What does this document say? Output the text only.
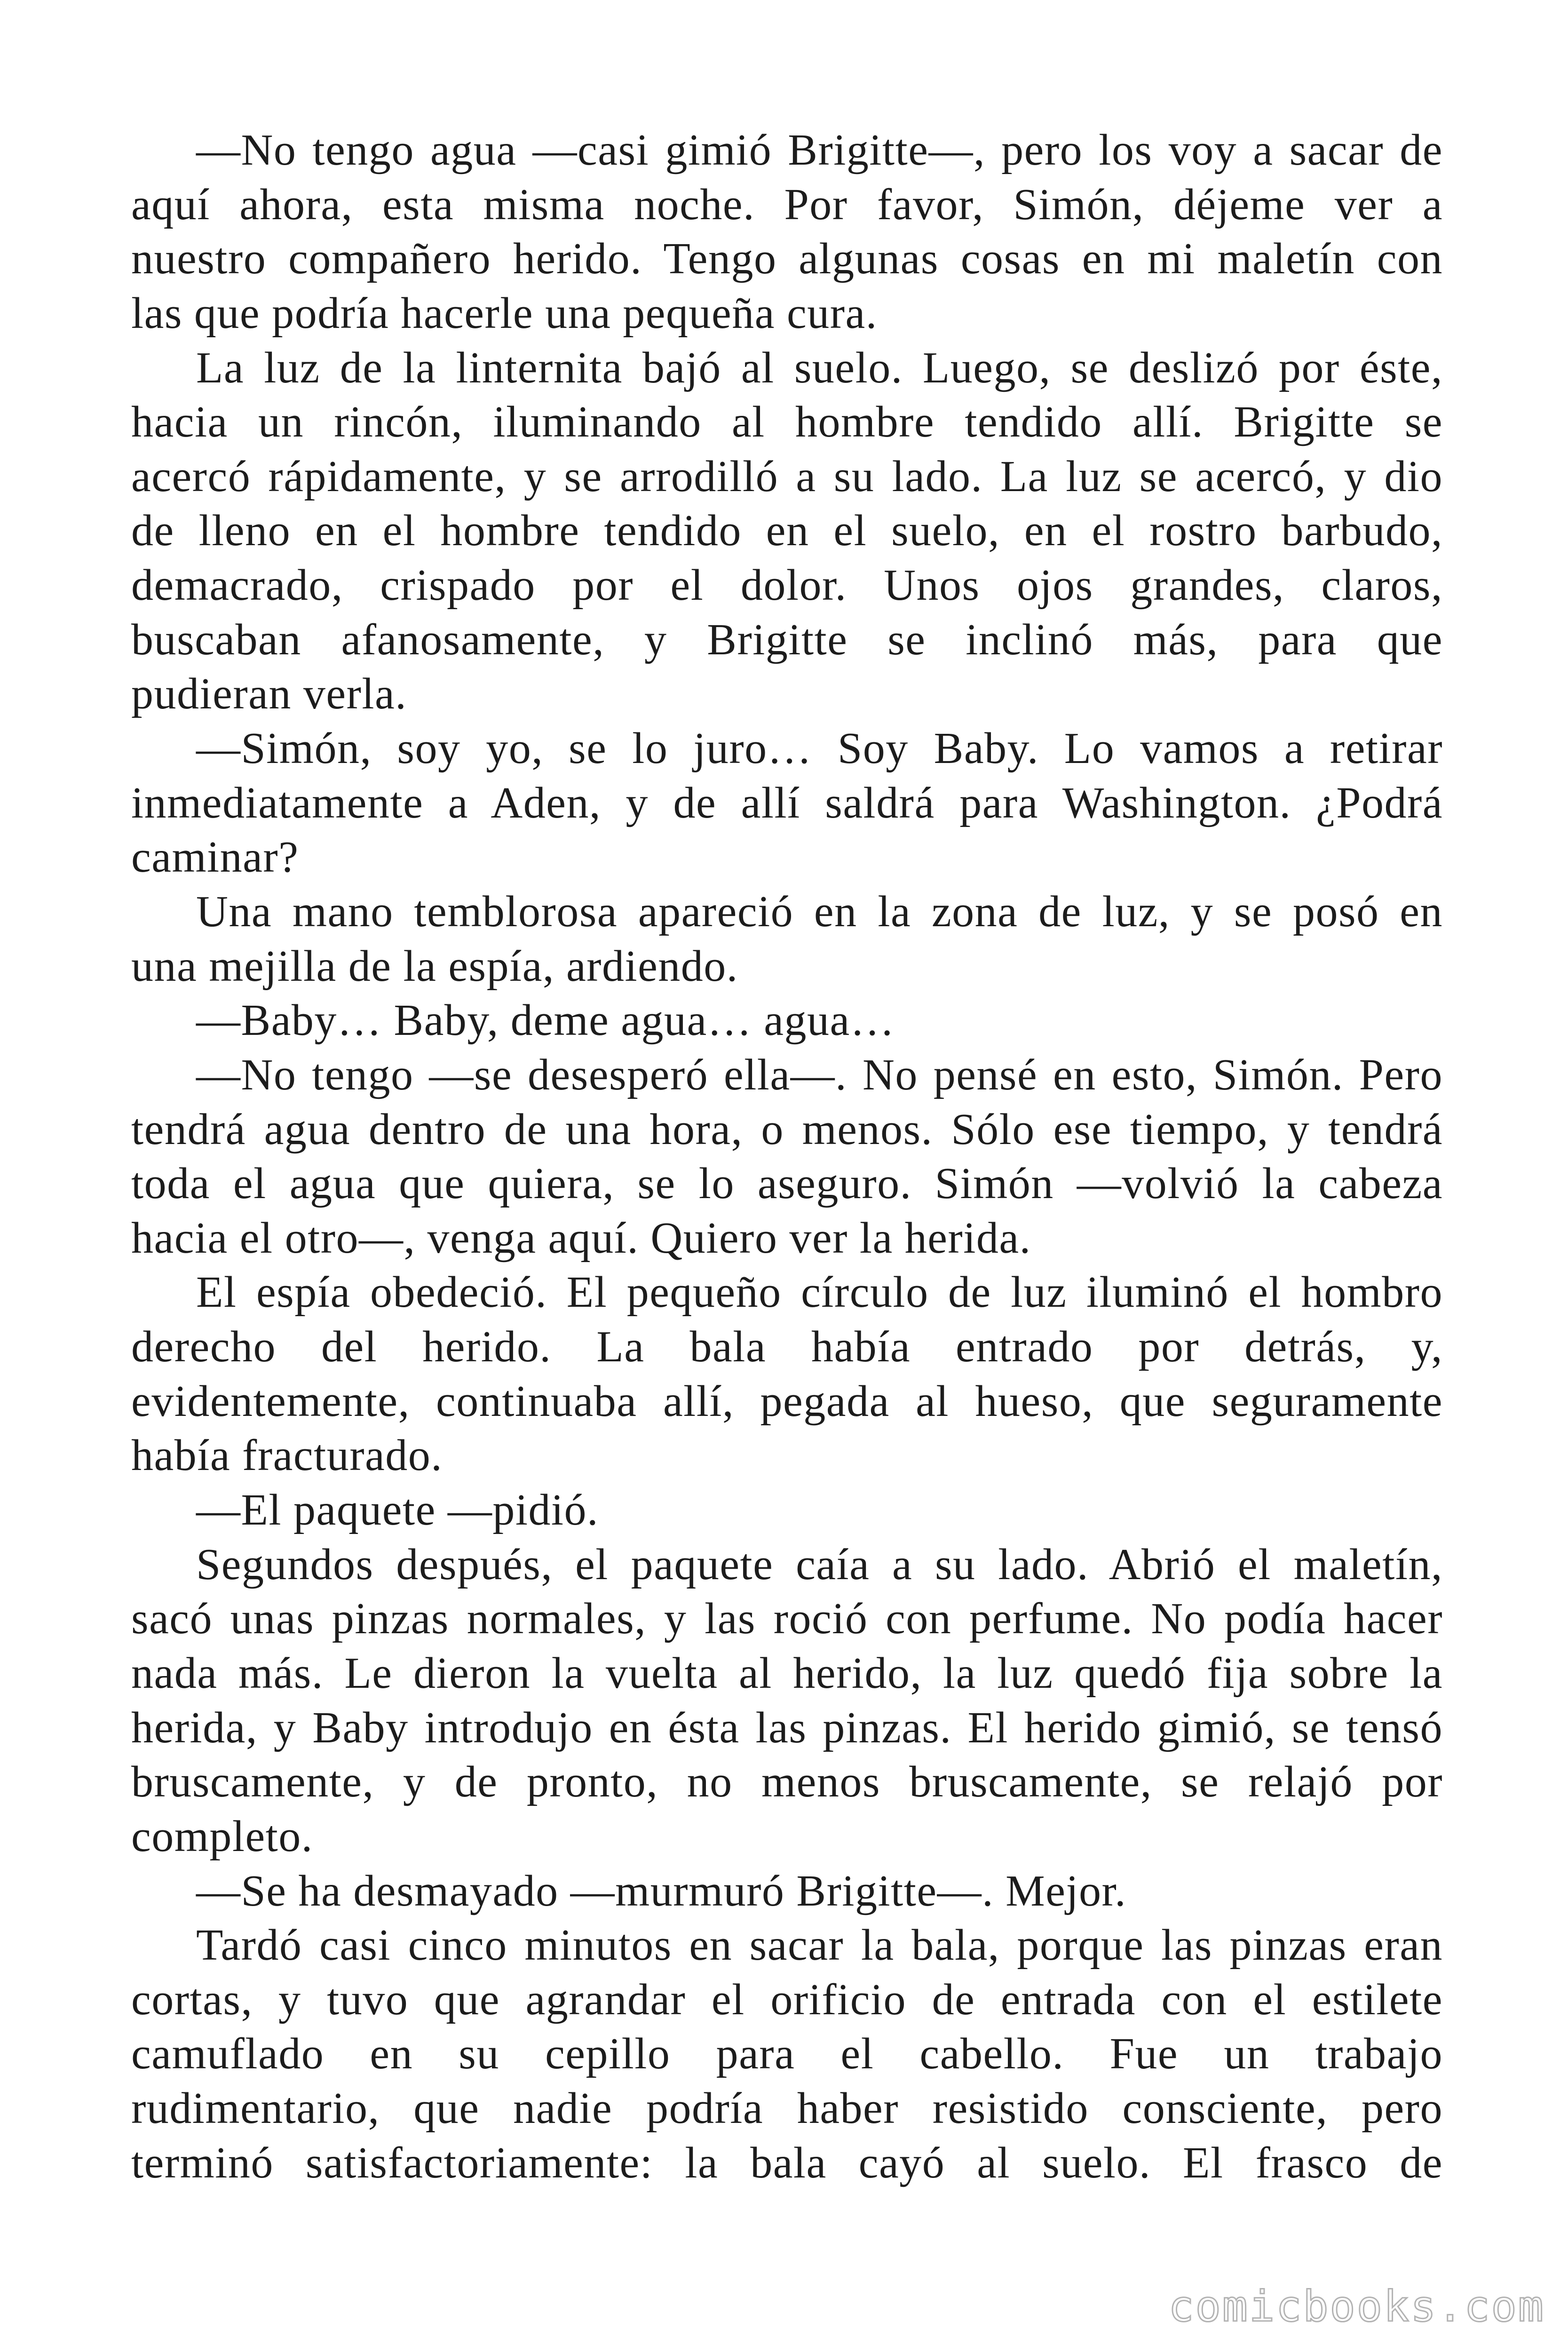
—No tengo agua —casi gimió Brigitte—, pero los voy a sacar de
aquí ahora, esta misma noche. Por favor, Simón, déjeme ver a
nuestro compañero herido. Tengo algunas cosas en mi maletín con
las que podría hacerle una pequeña cura.
La luz de la linternita bajó al suelo. Luego, se deslizó por éste,
hacia un rincón, iluminando al hombre tendido allí. Brigitte se
acercó rápidamente, y se arrodilló a su lado. La luz se acercó, y dio
de lleno en el hombre tendido en el suelo, en el rostro barbudo,
demacrado, crispado por el dolor. Unos ojos grandes, claros,
buscaban afanosamente, y Brigitte se inclinó más, para que
pudieran verla.
—Simón, soy yo, se lo juro… Soy Baby. Lo vamos a retirar
inmediatamente a Aden, y de allí saldrá para Washington. ¿Podrá
caminar?
Una mano temblorosa apareció en la zona de luz, y se posó en
una mejilla de la espía, ardiendo.
—Baby… Baby, deme agua… agua…
—No tengo —se desesperó ella—. No pensé en esto, Simón. Pero
tendrá agua dentro de una hora, o menos. Sólo ese tiempo, y tendrá
toda el agua que quiera, se lo aseguro. Simón —volvió la cabeza
hacia el otro—, venga aquí. Quiero ver la herida.
El espía obedeció. El pequeño círculo de luz iluminó el hombro
derecho del herido. La bala había entrado por detrás, y,
evidentemente, continuaba allí, pegada al hueso, que seguramente
había fracturado.
—El paquete —pidió.
Segundos después, el paquete caía a su lado. Abrió el maletín,
sacó unas pinzas normales, y las roció con perfume. No podía hacer
nada más. Le dieron la vuelta al herido, la luz quedó fija sobre la
herida, y Baby introdujo en ésta las pinzas. El herido gimió, se tensó
bruscamente, y de pronto, no menos bruscamente, se relajó por
completo.
—Se ha desmayado —murmuró Brigitte—. Mejor.
Tardó casi cinco minutos en sacar la bala, porque las pinzas eran
cortas, y tuvo que agrandar el orificio de entrada con el estilete
camuflado en su cepillo para el cabello. Fue un trabajo
rudimentario, que nadie podría haber resistido consciente, pero
terminó satisfactoriamente: la bala cayó al suelo. El frasco de
comicbooks.com
